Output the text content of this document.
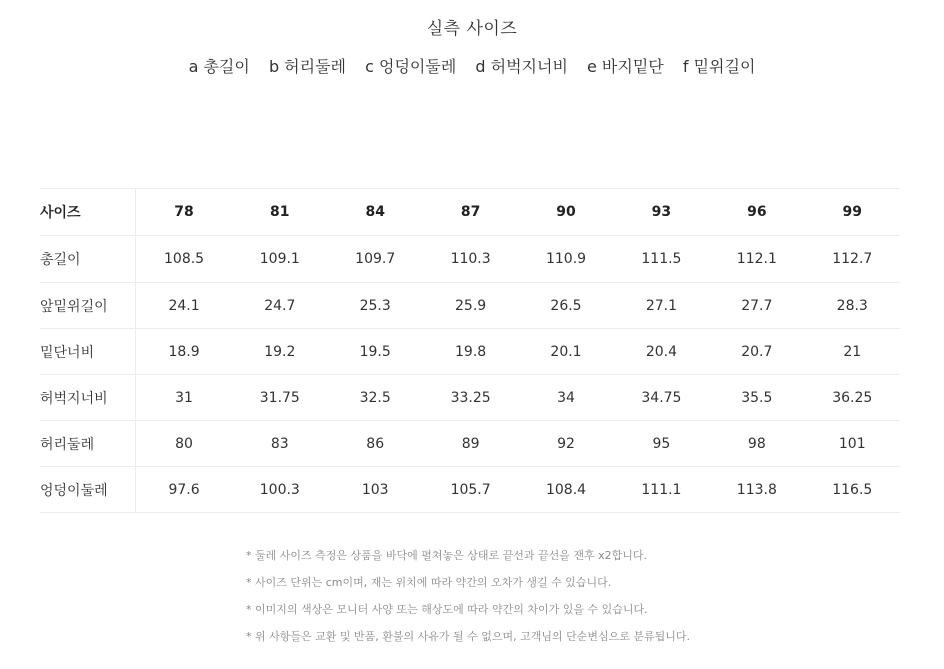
실측 사이즈
a 총길이 b 허리둘레 c 엉덩이둘레 d 허벅지너비 e 바지밑단 f 밑위길이
사이즈	78	81	84	87	90	93	96	99
총길이	108.5	109.1	109.7	110.3	110.9	111.5	112.1	112.7
앞밑위길이	24.1	24.7	25.3	25.9	26.5	27.1	27.7	28.3
밑단너비	18.9	19.2	19.5	19.8	20.1	20.4	20.7	21
허벅지너비	31	31.75	32.5	33.25	34	34.75	35.5	36.25
허리둘레	80	83	86	89	92	95	98	101
엉덩이둘레	97.6	100.3	103	105.7	108.4	111.1	113.8	116.5
* 둘레 사이즈 측정은 상품을 바닥에 펼쳐놓은 상태로 끝선과 끝선을 잰후 x2합니다.
* 사이즈 단위는 cm이며, 재는 위치에 따라 약간의 오차가 생길 수 있습니다.
* 이미지의 색상은 모니터 사양 또는 해상도에 따라 약간의 차이가 있을 수 있습니다.
* 위 사항들은 교환 및 반품, 환불의 사유가 될 수 없으며, 고객님의 단순변심으로 분류됩니다.
